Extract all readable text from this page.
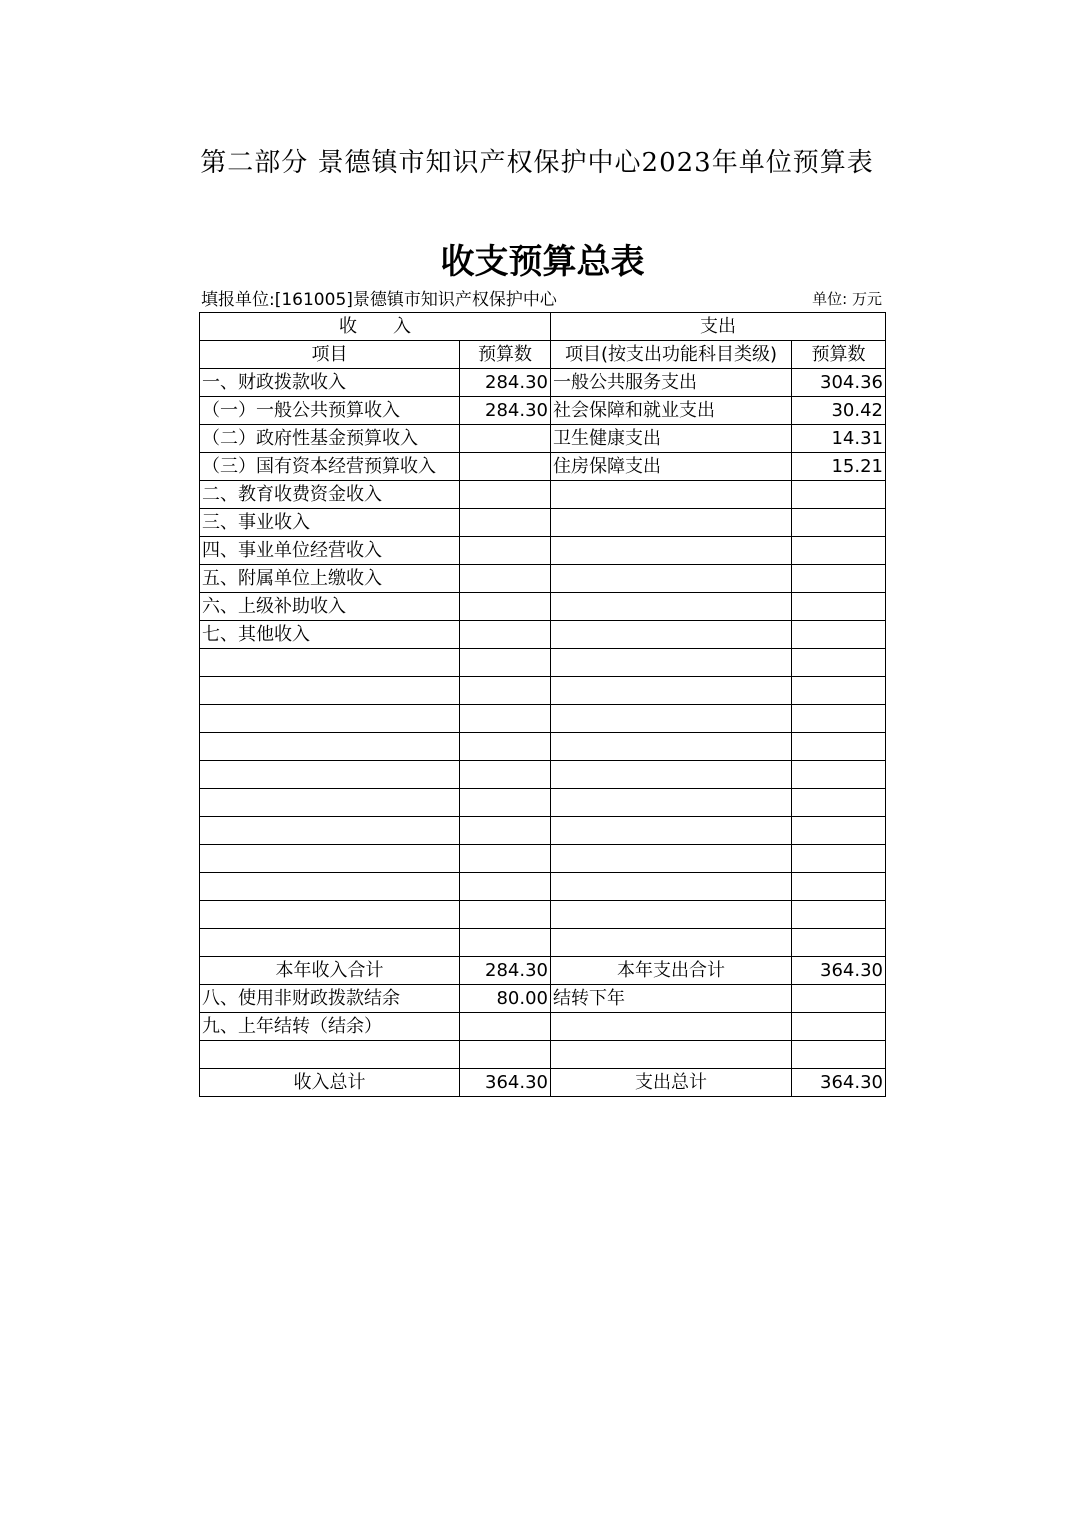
第二部分 景德镇市知识产权保护中心2023年单位预算表
收支预算总表
填报单位:[161005]景德镇市知识产权保护中心	单位: 万元
收　　入		支出	
项目	预算数	项目(按支出功能科目类级)	预算数
一、财政拨款收入	284.30	一般公共服务支出	304.36
（一）一般公共预算收入	284.30	社会保障和就业支出	30.42
（二）政府性基金预算收入		卫生健康支出	14.31
（三）国有资本经营预算收入		住房保障支出	15.21
二、教育收费资金收入			
三、事业收入			
四、事业单位经营收入			
五、附属单位上缴收入			
六、上级补助收入			
七、其他收入			

本年收入合计	284.30	本年支出合计	364.30
八、使用非财政拨款结余	80.00	结转下年	
九、上年结转（结余）			

收入总计	364.30	支出总计	364.30
